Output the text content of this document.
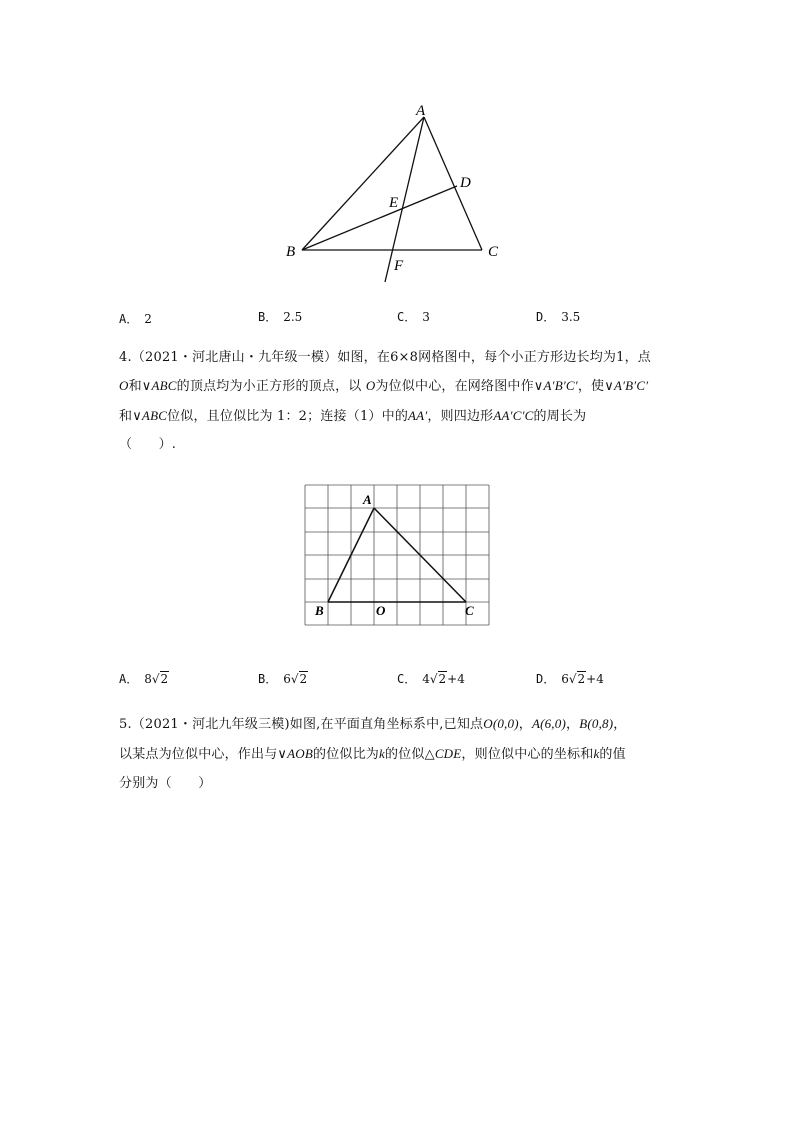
A
B	C
D
E
F
A． 2	B． 2.5	C． 3	D． 3.5
4.（2021・河北唐山・九年级一模）如图，在6×8网格图中，每个小正方形边长均为1，点
O和∨ABC的顶点均为小正方形的顶点，以 O为位似中心，在网络图中作∨A′B′C′，使∨A′B′C′
和∨ABC位似，且位似比为 1：2；连接（1）中的AA′，则四边形AA′C′C的周长为
（　　）.
A
B	O	C
A． 8√2	B． 6√2	C． 4√2+4	D． 6√2+4
5.（2021・河北九年级三模)如图,在平面直角坐标系中,已知点O(0,0)，A(6,0)，B(0,8)，
以某点为位似中心，作出与∨AOB的位似比为k的位似△CDE，则位似中心的坐标和k的值
分别为（　　）
